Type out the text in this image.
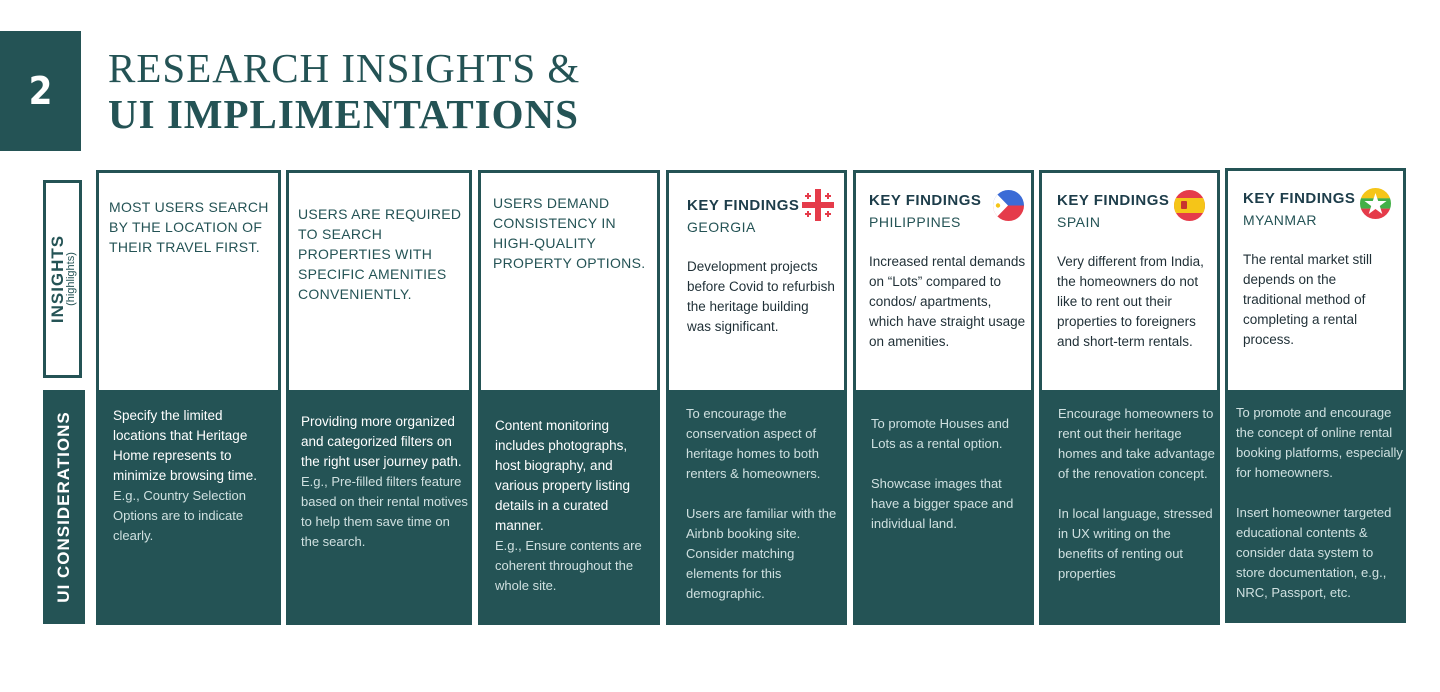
2	RESEARCH INSIGHTS &
UI IMPLIMENTATIONS
INSIGHTS
(highlights)
UI CONSIDERATIONS
MOST USERS SEARCH BY THE LOCATION OF THEIR TRAVEL FIRST.
Specify the limited locations that Heritage Home represents to minimize browsing time.
E.g., Country Selection Options are to indicate clearly.
USERS ARE REQUIRED TO SEARCH PROPERTIES WITH SPECIFIC AMENITIES CONVENIENTLY.
Providing more organized and categorized filters on the right user journey path.
E.g., Pre-filled filters feature based on their rental motives to help them save time on the search.
USERS DEMAND CONSISTENCY IN HIGH-QUALITY PROPERTY OPTIONS.
Content monitoring includes photographs, host biography, and various property listing details in a curated manner.
E.g., Ensure contents are coherent throughout the whole site.
KEY FINDINGS
GEORGIA
Development projects before Covid to refurbish the heritage building was significant.
To encourage the conservation aspect of heritage homes to both renters & homeowners.
Users are familiar with the Airbnb booking site. Consider matching elements for this demographic.
KEY FINDINGS
PHILIPPINES
Increased rental demands on “Lots” compared to condos/ apartments, which have straight usage on amenities.
To promote Houses and Lots as a rental option.
Showcase images that have a bigger space and individual land.
KEY FINDINGS
SPAIN
Very different from India, the homeowners do not like to rent out their properties to foreigners and short-term rentals.
Encourage homeowners to rent out their heritage homes and take advantage of the renovation concept.
In local language, stressed in UX writing on the benefits of renting out properties
KEY FINDINGS
MYANMAR
The rental market still depends on the traditional method of completing a rental process.
To promote and encourage the concept of online rental booking platforms, especially for homeowners.
Insert homeowner targeted educational contents & consider data system to store documentation, e.g., NRC, Passport, etc.
